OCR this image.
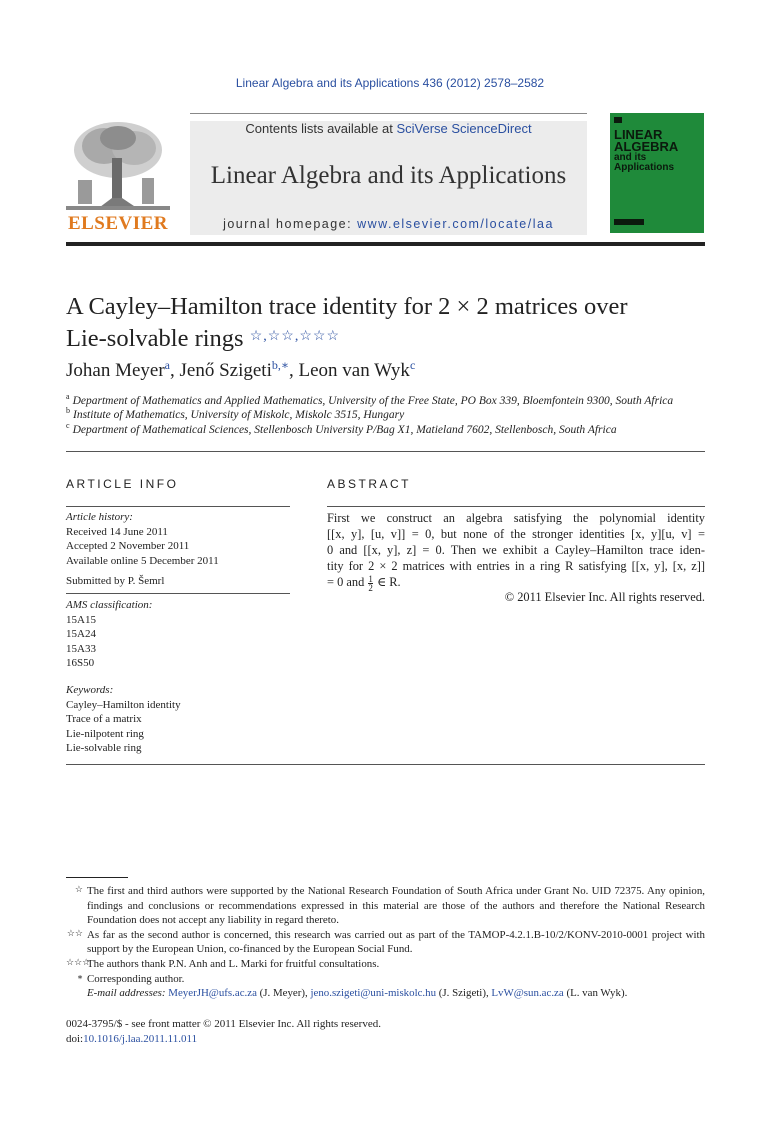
Linear Algebra and its Applications 436 (2012) 2578–2582
ELSEVIER
Contents lists available at SciVerse ScienceDirect
Linear Algebra and its Applications
journal homepage: www.elsevier.com/locate/laa
LINEAR
ALGEBRA
and its
Applications
A Cayley–Hamilton trace identity for 2 × 2 matrices over
Lie-solvable rings ☆,☆☆,☆☆☆
Johan Meyer$^a$, Jenő Szigeti$^{b,∗}$, Leon van Wyk$^c$
$^a$ Department of Mathematics and Applied Mathematics, University of the Free State, PO Box 339, Bloemfontein 9300, South Africa
$^b$ Institute of Mathematics, University of Miskolc, Miskolc 3515, Hungary
$^c$ Department of Mathematical Sciences, Stellenbosch University P/Bag X1, Matieland 7602, Stellenbosch, South Africa
ARTICLE INFO	ABSTRACT
Article history:
Received 14 June 2011
Accepted 2 November 2011
Available online 5 December 2011
Submitted by P. Šemrl
AMS classification:
15A15
15A24
15A33
16S50
Keywords:
Cayley–Hamilton identity
Trace of a matrix
Lie-nilpotent ring
Lie-solvable ring
First we construct an algebra satisfying the polynomial identity
[[x, y], [u, v]] = 0, but none of the stronger identities [x, y][u, v] =
0 and [[x, y], z] = 0. Then we exhibit a Cayley–Hamilton trace iden-
tity for 2 × 2 matrices with entries in a ring R satisfying [[x, y], [x, z]]
= 0 and $\frac{1}{2}$ ∈ R.
© 2011 Elsevier Inc. All rights reserved.

☆ The first and third authors were supported by the National Research Foundation of South Africa under Grant No. UID 72375. Any opinion, findings and conclusions or recommendations expressed in this material are those of the authors and therefore the National Research Foundation does not accept any liability in regard thereto.

☆☆ As far as the second author is concerned, this research was carried out as part of the TAMOP-4.2.1.B-10/2/KONV-2010-0001 project with support by the European Union, co-financed by the European Social Fund.

☆☆☆
The authors thank P.N. Anh and L. Marki for fruitful consultations.

∗ Corresponding author.

E-mail addresses: MeyerJH@ufs.ac.za (J. Meyer), jeno.szigeti@uni-miskolc.hu (J. Szigeti), LvW@sun.ac.za (L. van Wyk).

0024-3795/$ - see front matter © 2011 Elsevier Inc. All rights reserved.
doi:10.1016/j.laa.2011.11.011
